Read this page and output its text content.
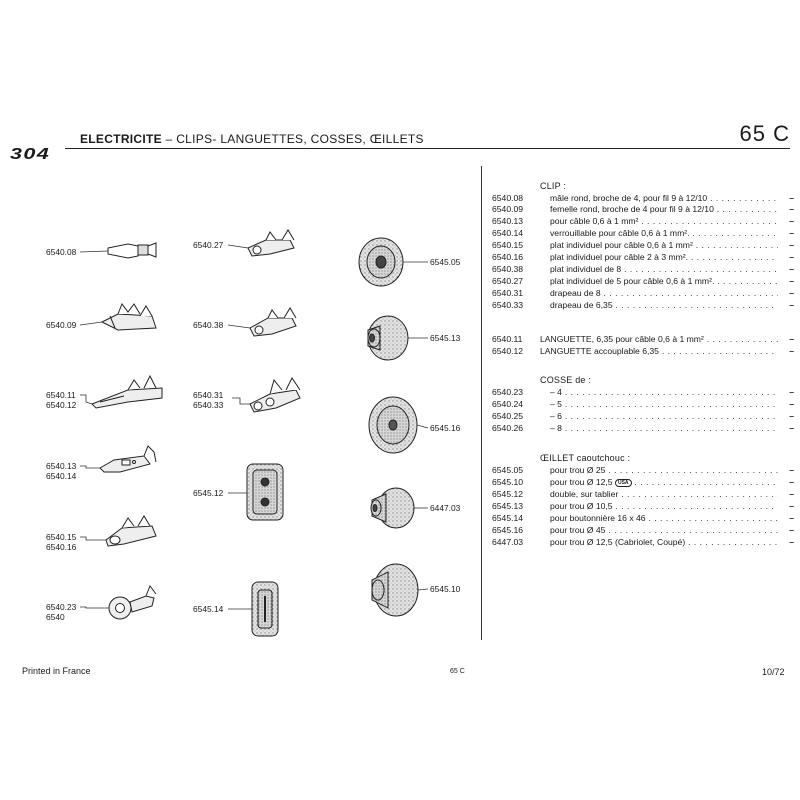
ELECTRICITE – CLIPS- LANGUETTES, COSSES, ŒILLETS	65 C
304
6540.08
6540.09
6540.11
6540.12
6540.13
6540.14
6540.15
6540.16
6540.23
6540
6540.27
6540.38
6540.31
6540.33
6545.12
6545.14
6545.05
6545.13
6545.16
6447.03
6545.10
CLIP :
6540.08	mâle rond, broche de 4, pour fil 9 à 12/10 . . .	–
6540.09	femelle rond, broche de 4 pour fil 9 à 12/10 . . .	–
6540.13	pour câble 0,6 à 1 mm² . . .	–
6540.14	verrouillable pour câble 0,6 à 1 mm². . . .	–
6540.15	plat individuel pour câble 0,6 à 1 mm² . . .	–
6540.16	plat individuel pour câble 2 à 3 mm². . . .	–
6540.38	plat individuel de 8 . . .	–
6540.27	plat individuel de 5 pour câble 0,6 à 1 mm². . . .	–
6540.31	drapeau de 8 . . .	–
6540.33	drapeau de 6,35 . . .	–
6540.11	LANGUETTE, 6,35 pour câble 0,6 à 1 mm² . . .	–
6540.12	LANGUETTE accouplable 6,35 . . .	–
COSSE de :
6540.23	– 4 . . .	–
6540.24	– 5 . . .	–
6540.25	– 6 . . .	–
6540.26	– 8 . . .	–
ŒILLET caoutchouc :
6545.05	pour trou Ø 25 . . .	–
6545.10	pour trou Ø 12,5 USA . . .	–
6545.12	double, sur tablier . . .	–
6545.13	pour trou Ø 10,5 . . .	–
6545.14	pour boutonnière 16 x 46 . . .	–
6545.16	pour trou Ø 45 . . .	–
6447.03	pour trou Ø 12,5 (Cabriolet, Coupé) . . .	–
Printed in France	65 C	10/72
